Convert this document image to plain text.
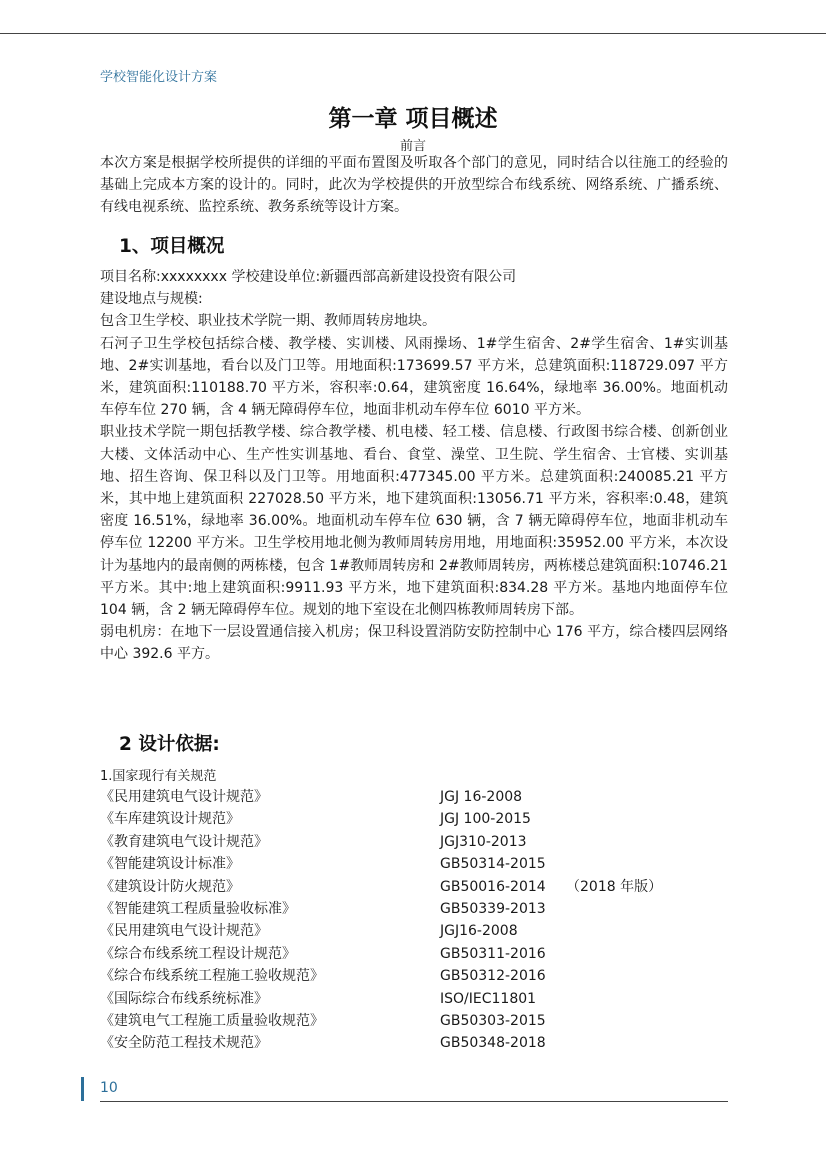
学校智能化设计方案
第一章 项目概述
前言

本次方案是根据学校所提供的详细的平面布置图及听取各个部门的意见，同时结合以往施工的经验的基础上完成本方案的设计的。同时，此次为学校提供的开放型综合布线系统、网络系统、广播系统、有线电视系统、监控系统、教务系统等设计方案。

1、项目概况

项目名称:xxxxxxxx 学校建设单位:新疆西部高新建设投资有限公司

建设地点与规模:

包含卫生学校、职业技术学院一期、教师周转房地块。

石河子卫生学校包括综合楼、教学楼、实训楼、风雨操场、1#学生宿舍、2#学生宿舍、1#实训基地、2#实训基地，看台以及门卫等。用地面积:173699.57 平方米，总建筑面积:118729.097 平方米，建筑面积:110188.70 平方米，容积率:0.64，建筑密度 16.64%，绿地率 36.00%。地面机动车停车位 270 辆，含 4 辆无障碍停车位，地面非机动车停车位 6010 平方米。

职业技术学院一期包括教学楼、综合教学楼、机电楼、轻工楼、信息楼、行政图书综合楼、创新创业大楼、文体活动中心、生产性实训基地、看台、食堂、澡堂、卫生院、学生宿舍、士官楼、实训基地、招生咨询、保卫科以及门卫等。用地面积:477345.00 平方米。总建筑面积:240085.21 平方米，其中地上建筑面积 227028.50 平方米，地下建筑面积:13056.71 平方米，容积率:0.48，建筑密度 16.51%，绿地率 36.00%。地面机动车停车位 630 辆，含 7 辆无障碍停车位，地面非机动车停车位 12200 平方米。卫生学校用地北侧为教师周转房用地，用地面积:35952.00 平方米，本次设计为基地内的最南侧的两栋楼，包含 1#教师周转房和 2#教师周转房，两栋楼总建筑面积:10746.21 平方米。其中:地上建筑面积:9911.93 平方米，地下建筑面积:834.28 平方米。基地内地面停车位 104 辆，含 2 辆无障碍停车位。规划的地下室设在北侧四栋教师周转房下部。

弱电机房：在地下一层设置通信接入机房；保卫科设置消防安防控制中心 176 平方，综合楼四层网络中心 392.6 平方。

2 设计依据:
1.国家现行有关规范
《民用建筑电气设计规范》	JGJ 16-2008
《车库建筑设计规范》	JGJ 100-2015
《教育建筑电气设计规范》	JGJ310-2013
《智能建筑设计标准》	GB50314-2015
《建筑设计防火规范》	GB50016-2014 （2018 年版）
《智能建筑工程质量验收标准》	GB50339-2013
《民用建筑电气设计规范》	JGJ16-2008
《综合布线系统工程设计规范》	GB50311-2016
《综合布线系统工程施工验收规范》	GB50312-2016
《国际综合布线系统标准》	ISO/IEC11801
《建筑电气工程施工质量验收规范》	GB50303-2015
《安全防范工程技术规范》	GB50348-2018
10
